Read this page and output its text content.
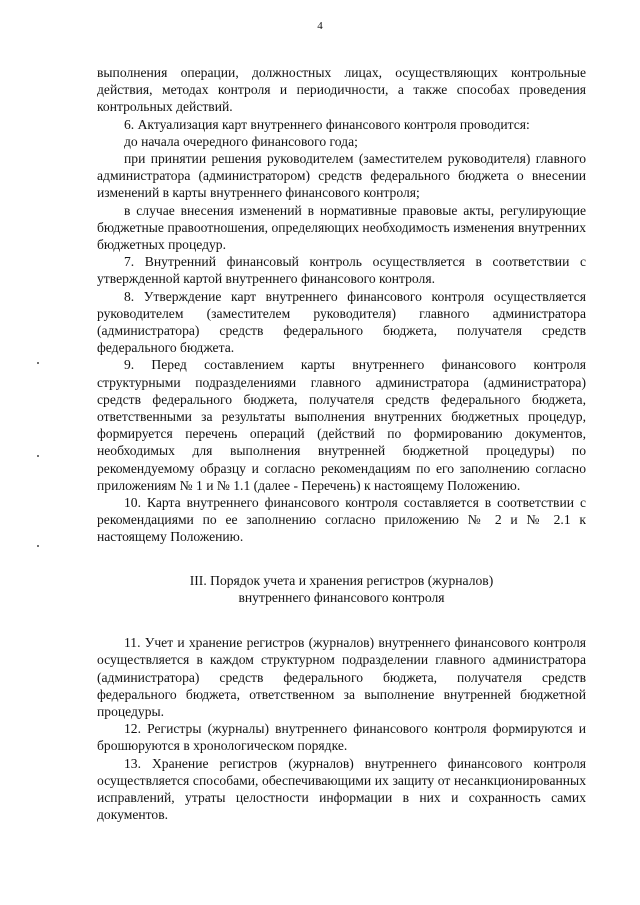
4

выполнения операции, должностных лицах, осуществляющих контрольные действия, методах контроля и периодичности, а также способах проведения контрольных действий.

6. Актуализация карт внутреннего финансового контроля проводится:

до начала очередного финансового года;

при принятии решения руководителем (заместителем руководителя) главного администратора (администратором) средств федерального бюджета о внесении изменений в карты внутреннего финансового контроля;

в случае внесения изменений в нормативные правовые акты, регулирующие бюджетные правоотношения, определяющих необходимость изменения внутренних бюджетных процедур.

7. Внутренний финансовый контроль осуществляется в соответствии с утвержденной картой внутреннего финансового контроля.

8. Утверждение карт внутреннего финансового контроля осуществляется руководителем (заместителем руководителя) главного администратора (администратора) средств федерального бюджета, получателя средств федерального бюджета.

9. Перед составлением карты внутреннего финансового контроля структурными подразделениями главного администратора (администратора) средств федерального бюджета, получателя средств федерального бюджета, ответственными за результаты выполнения внутренних бюджетных процедур, формируется перечень операций (действий по формированию документов, необходимых для выполнения внутренней бюджетной процедуры) по рекомендуемому образцу и согласно рекомендациям по его заполнению согласно приложениям № 1 и № 1.1 (далее - Перечень) к настоящему Положению.

10. Карта внутреннего финансового контроля составляется в соответствии с рекомендациями по ее заполнению согласно приложению № 2 и № 2.1 к настоящему Положению.

III. Порядок учета и хранения регистров (журналов)
внутреннего финансового контроля

11. Учет и хранение регистров (журналов) внутреннего финансового контроля осуществляется в каждом структурном подразделении главного администратора (администратора) средств федерального бюджета, получателя средств федерального бюджета, ответственном за выполнение внутренней бюджетной процедуры.

12. Регистры (журналы) внутреннего финансового контроля формируются и брошюруются в хронологическом порядке.

13. Хранение регистров (журналов) внутреннего финансового контроля осуществляется способами, обеспечивающими их защиту от несанкционированных исправлений, утраты целостности информации в них и сохранность самих документов.
